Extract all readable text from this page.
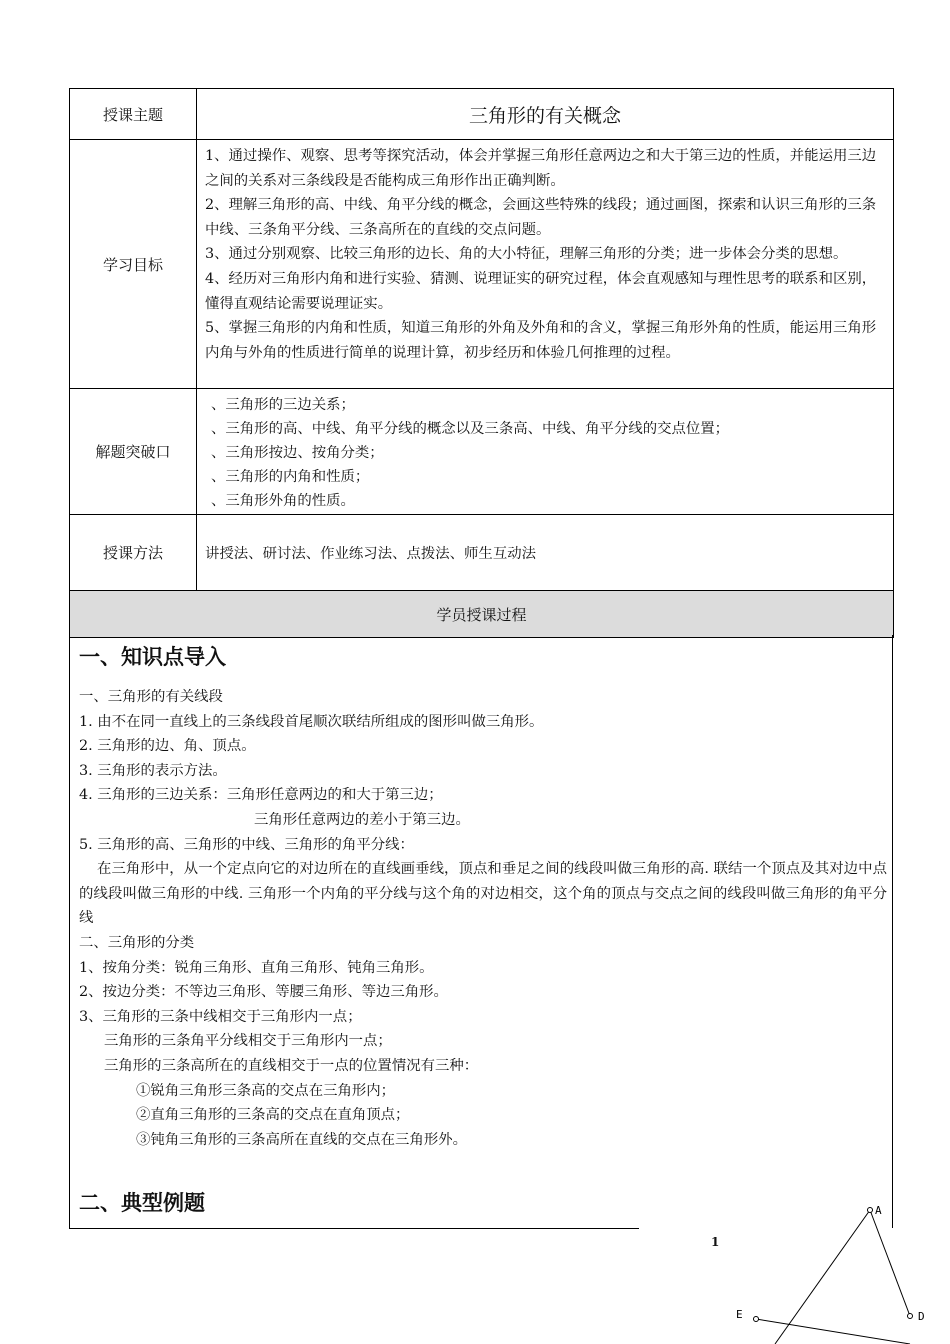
授课主题	三角形的有关概念
学习目标

1、通过操作、观察、思考等探究活动，体会并掌握三角形任意两边之和大于第三边的性质，并能运用三边之间的关系对三条线段是否能构成三角形作出正确判断。

2、理解三角形的高、中线、角平分线的概念，会画这些特殊的线段；通过画图，探索和认识三角形的三条中线、三条角平分线、三条高所在的直线的交点问题。

3、通过分别观察、比较三角形的边长、角的大小特征，理解三角形的分类；进一步体会分类的思想。

4、经历对三角形内角和进行实验、猜测、说理证实的研究过程，体会直观感知与理性思考的联系和区别，懂得直观结论需要说理证实。

5、掌握三角形的内角和性质，知道三角形的外角及外角和的含义，掌握三角形外角的性质，能运用三角形内角与外角的性质进行简单的说理计算，初步经历和体验几何推理的过程。

解题突破口

、三角形的三边关系；

、三角形的高、中线、角平分线的概念以及三条高、中线、角平分线的交点位置；

、三角形按边、按角分类；

、三角形的内角和性质；

、三角形外角的性质。

授课方法	讲授法、研讨法、作业练习法、点拨法、师生互动法
学员授课过程
一、知识点导入

一、三角形的有关线段

1. 由不在同一直线上的三条线段首尾顺次联结所组成的图形叫做三角形。

2. 三角形的边、角、顶点。

3. 三角形的表示方法。

4. 三角形的三边关系：三角形任意两边的和大于第三边；

三角形任意两边的差小于第三边。

5. 三角形的高、三角形的中线、三角形的角平分线：

在三角形中，从一个定点向它的对边所在的直线画垂线，顶点和垂足之间的线段叫做三角形的高. 联结一个顶点及其对边中点的线段叫做三角形的中线. 三角形一个内角的平分线与这个角的对边相交，这个角的顶点与交点之间的线段叫做三角形的角平分线

二、三角形的分类

1、按角分类：锐角三角形、直角三角形、钝角三角形。

2、按边分类：不等边三角形、等腰三角形、等边三角形。

3、三角形的三条中线相交于三角形内一点；

三角形的三条角平分线相交于三角形内一点；

三角形的三条高所在的直线相交于一点的位置情况有三种：

①锐角三角形三条高的交点在三角形内；

②直角三角形的三条高的交点在直角顶点；

③钝角三角形的三条高所在直线的交点在三角形外。

二、典型例题
1
A
D
E
